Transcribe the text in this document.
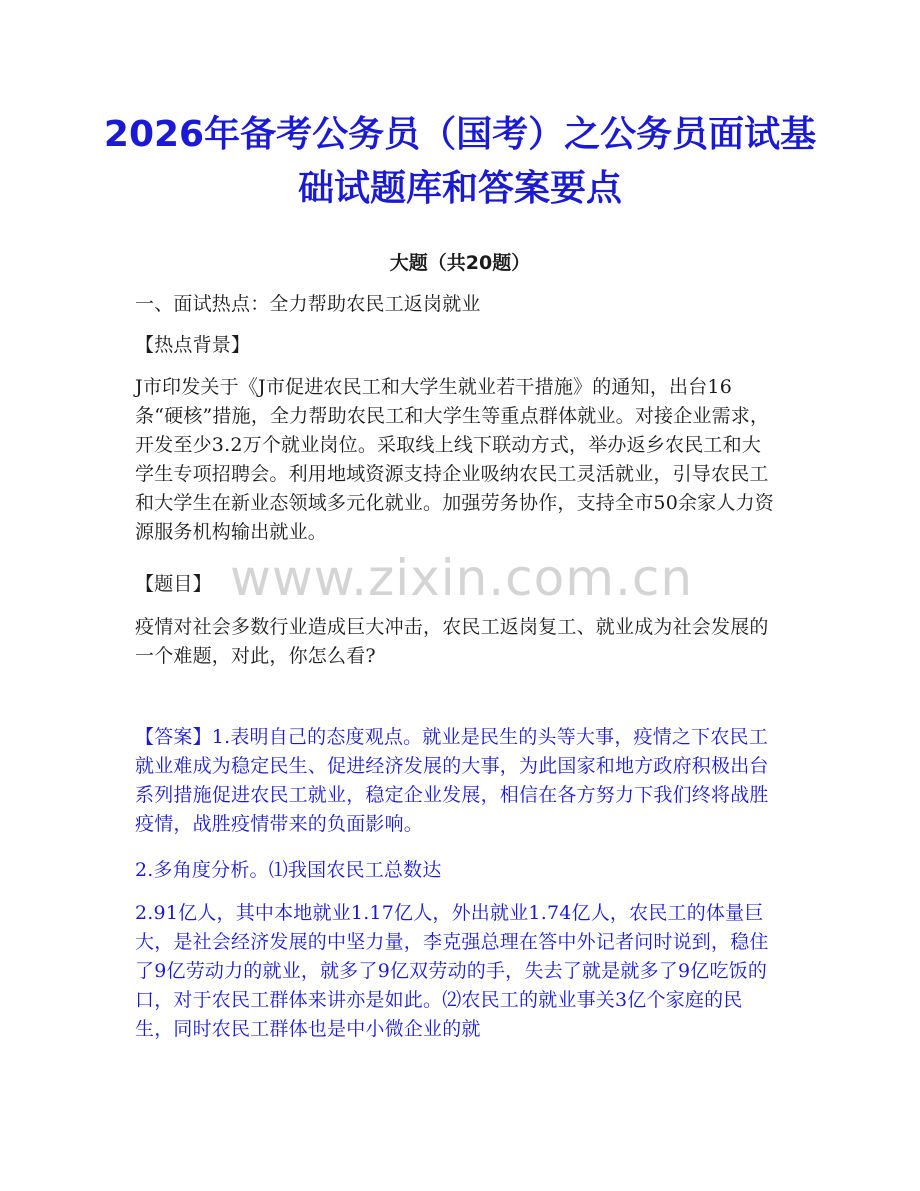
2026年备考公务员（国考）之公务员面试基础试题库和答案要点
大题（共20题）

一、面试热点：全力帮助农民工返岗就业

【热点背景】

J市印发关于《J市促进农民工和大学生就业若干措施》的通知，出台16条“硬核”措施，全力帮助农民工和大学生等重点群体就业。对接企业需求，开发至少3.2万个就业岗位。采取线上线下联动方式，举办返乡农民工和大学生专项招聘会。利用地域资源支持企业吸纳农民工灵活就业，引导农民工和大学生在新业态领域多元化就业。加强劳务协作，支持全市50余家人力资源服务机构输出就业。

【题目】

疫情对社会多数行业造成巨大冲击，农民工返岗复工、就业成为社会发展的一个难题，对此，你怎么看?

【答案】1.表明自己的态度观点。就业是民生的头等大事，疫情之下农民工就业难成为稳定民生、促进经济发展的大事，为此国家和地方政府积极出台系列措施促进农民工就业，稳定企业发展，相信在各方努力下我们终将战胜疫情，战胜疫情带来的负面影响。

2.多角度分析。⑴我国农民工总数达

2.91亿人，其中本地就业1.17亿人，外出就业1.74亿人，农民工的体量巨大，是社会经济发展的中坚力量，李克强总理在答中外记者问时说到，稳住了9亿劳动力的就业，就多了9亿双劳动的手，失去了就是就多了9亿吃饭的口，对于农民工群体来讲亦是如此。⑵农民工的就业事关3亿个家庭的民生，同时农民工群体也是中小微企业的就

www.zixin.com.cn
